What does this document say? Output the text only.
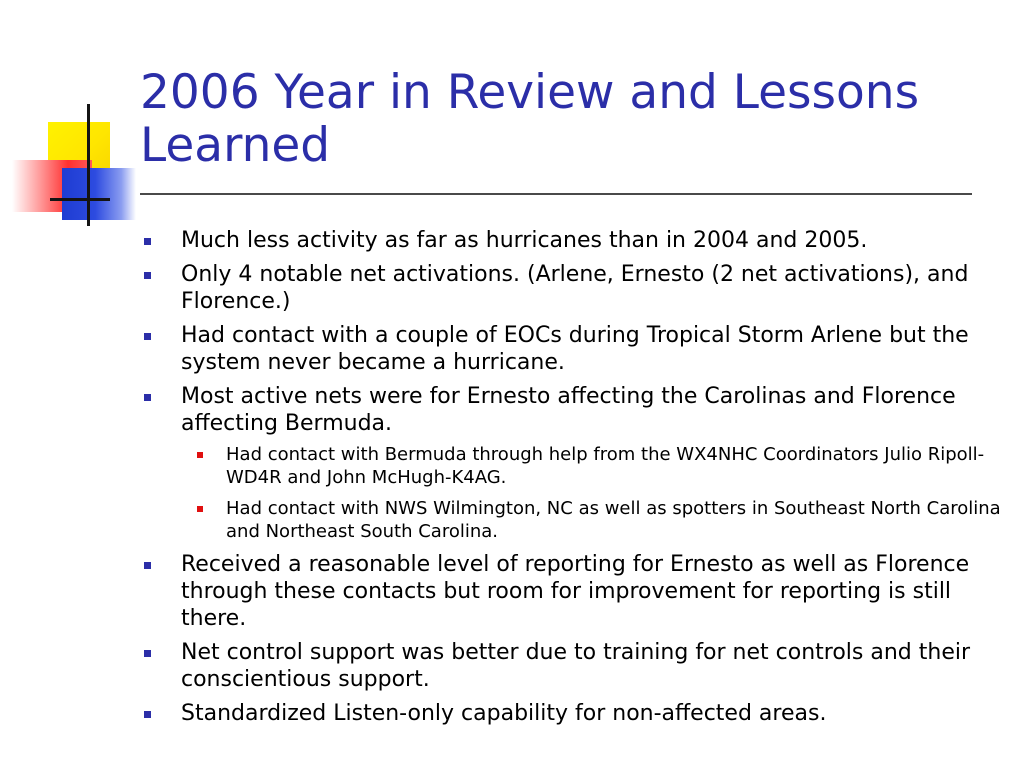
2006 Year in Review and Lessons Learned
Much less activity as far as hurricanes than in 2004 and 2005.
Only 4 notable net activations. (Arlene, Ernesto (2 net activations), and Florence.)
Had contact with a couple of EOCs during Tropical Storm Arlene but the system never became a hurricane.
Most active nets were for Ernesto affecting the Carolinas and Florence affecting Bermuda.
Had contact with Bermuda through help from the WX4NHC Coordinators Julio Ripoll-WD4R and John McHugh-K4AG.
Had contact with NWS Wilmington, NC as well as spotters in Southeast North Carolina and Northeast South Carolina.
Received a reasonable level of reporting for Ernesto as well as Florence through these contacts but room for improvement for reporting is still there.
Net control support was better due to training for net controls and their conscientious support.
Standardized Listen-only capability for non-affected areas.
